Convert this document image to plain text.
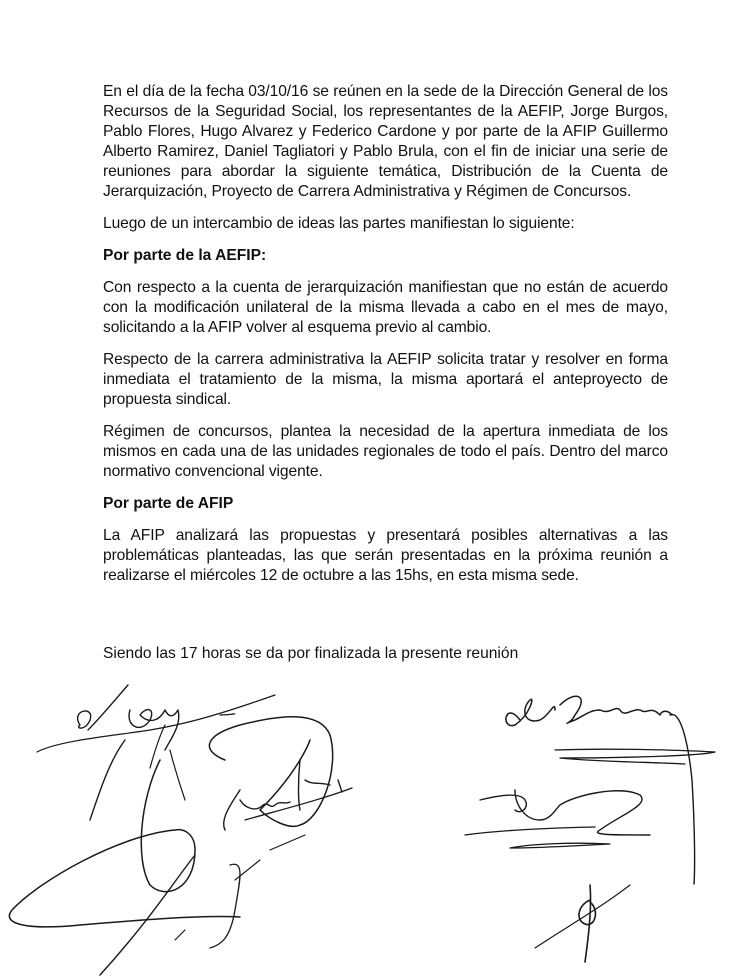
En el día de la fecha 03/10/16 se reúnen en la sede de la Dirección General de los Recursos de la Seguridad Social, los representantes de la AEFIP, Jorge Burgos, Pablo Flores, Hugo Alvarez y Federico Cardone y por parte de la AFIP Guillermo Alberto Ramirez, Daniel Tagliatori y Pablo Brula, con el fin de iniciar una serie de reuniones para abordar la siguiente temática, Distribución de la Cuenta de Jerarquización, Proyecto de Carrera Administrativa y Régimen de Concursos.

Luego de un intercambio de ideas las partes manifiestan lo siguiente:

Por parte de la AEFIP:

Con respecto a la cuenta de jerarquización manifiestan que no están de acuerdo con la modificación unilateral de la misma llevada a cabo en el mes de mayo, solicitando a la AFIP volver al esquema previo al cambio.

Respecto de la carrera administrativa la AEFIP solicita tratar y resolver en forma inmediata el tratamiento de la misma, la misma aportará el anteproyecto de propuesta sindical.

Régimen de concursos, plantea la necesidad de la apertura inmediata de los mismos en cada una de las unidades regionales de todo el país. Dentro del marco normativo convencional vigente.

Por parte de AFIP

La AFIP analizará las propuestas y presentará posibles alternativas a las problemáticas planteadas, las que serán presentadas en la próxima reunión a realizarse el miércoles 12 de octubre a las 15hs, en esta misma sede.

Siendo las 17 horas se da por finalizada la presente reunión
